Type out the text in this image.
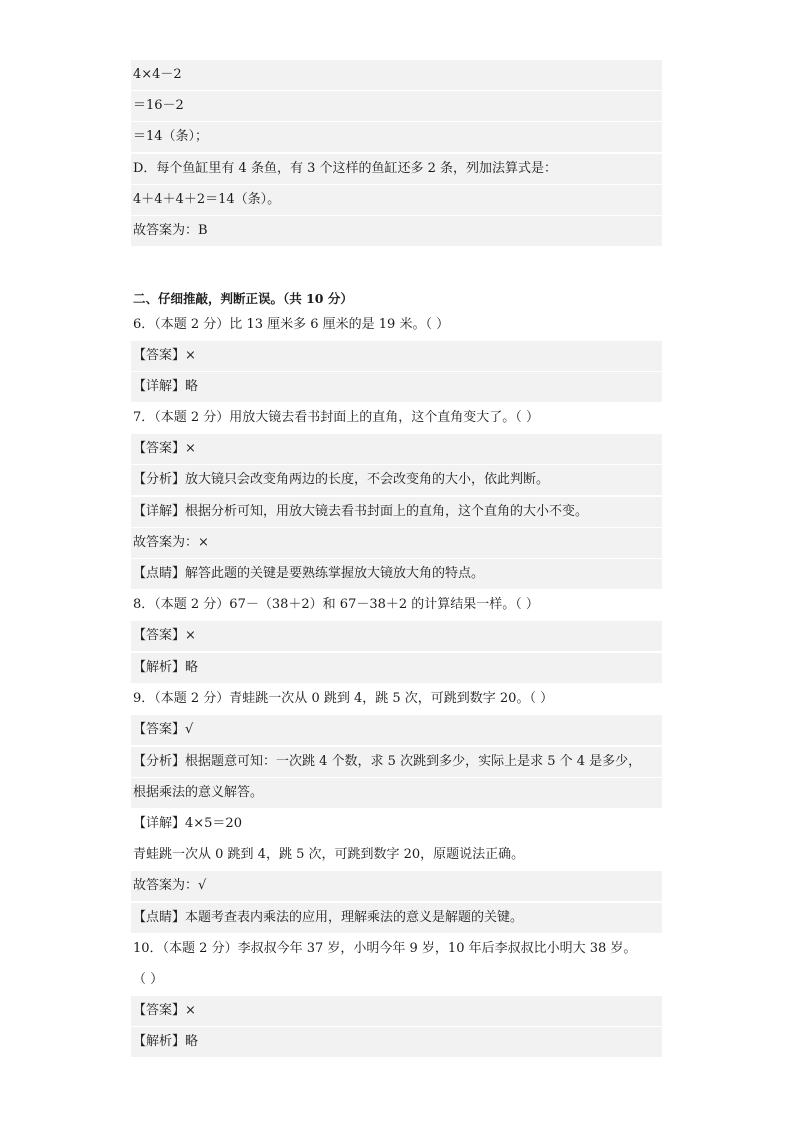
4×4－2
＝16－2
＝14（条）；
D．每个鱼缸里有 4 条鱼，有 3 个这样的鱼缸还多 2 条，列加法算式是：
4＋4＋4＋2＝14（条）。
故答案为：B
二、仔细推敲，判断正误。（共 10 分）
6．（本题 2 分）比 13 厘米多 6 厘米的是 19 米。（ ）
【答案】×
【详解】略
7．（本题 2 分）用放大镜去看书封面上的直角，这个直角变大了。（ ）
【答案】×
【分析】放大镜只会改变角两边的长度，不会改变角的大小，依此判断。
【详解】根据分析可知，用放大镜去看书封面上的直角，这个直角的大小不变。
故答案为：×
【点睛】解答此题的关键是要熟练掌握放大镜放大角的特点。
8．（本题 2 分）67－（38＋2）和 67－38＋2 的计算结果一样。（ ）
【答案】×
【解析】略
9．（本题 2 分）青蛙跳一次从 0 跳到 4，跳 5 次，可跳到数字 20。（ ）
【答案】√
【分析】根据题意可知：一次跳 4 个数，求 5 次跳到多少，实际上是求 5 个 4 是多少，
根据乘法的意义解答。
【详解】4×5＝20
青蛙跳一次从 0 跳到 4，跳 5 次，可跳到数字 20，原题说法正确。
故答案为：√
【点睛】本题考查表内乘法的应用，理解乘法的意义是解题的关键。
10．（本题 2 分）李叔叔今年 37 岁，小明今年 9 岁，10 年后李叔叔比小明大 38 岁。
（ ）
【答案】×
【解析】略
